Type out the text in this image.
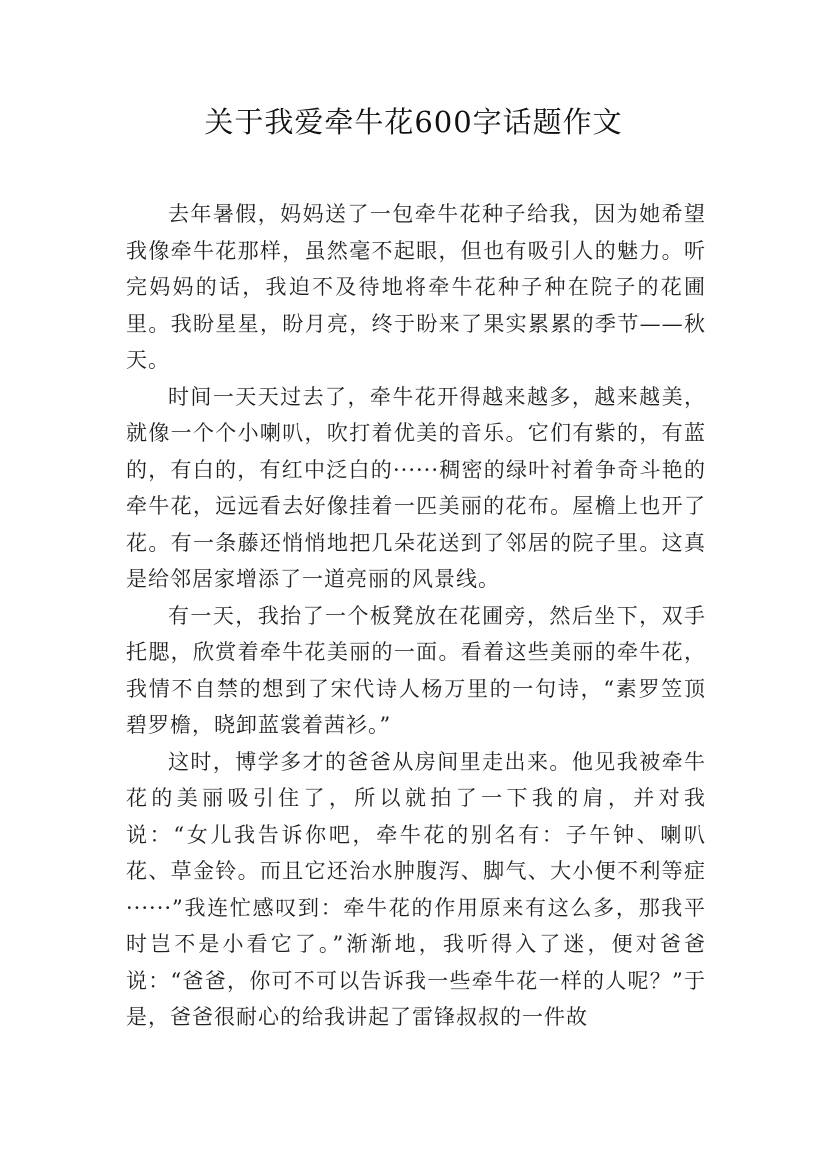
关于我爱牵牛花600字话题作文

去年暑假，妈妈送了一包牵牛花种子给我，因为她希望我像牵牛花那样，虽然毫不起眼，但也有吸引人的魅力。听完妈妈的话，我迫不及待地将牵牛花种子种在院子的花圃里。我盼星星，盼月亮，终于盼来了果实累累的季节——秋天。

时间一天天过去了，牵牛花开得越来越多，越来越美，就像一个个小喇叭，吹打着优美的音乐。它们有紫的，有蓝的，有白的，有红中泛白的······稠密的绿叶衬着争奇斗艳的牵牛花，远远看去好像挂着一匹美丽的花布。屋檐上也开了花。有一条藤还悄悄地把几朵花送到了邻居的院子里。这真是给邻居家增添了一道亮丽的风景线。

有一天，我抬了一个板凳放在花圃旁，然后坐下，双手托腮，欣赏着牵牛花美丽的一面。看着这些美丽的牵牛花，我情不自禁的想到了宋代诗人杨万里的一句诗，“素罗笠顶碧罗檐，晓卸蓝裳着茜衫。”

这时，博学多才的爸爸从房间里走出来。他见我被牵牛花的美丽吸引住了，所以就拍了一下我的肩，并对我说：“女儿我告诉你吧，牵牛花的别名有：子午钟、喇叭花、草金铃。而且它还治水肿腹泻、脚气、大小便不利等症······”我连忙感叹到：牵牛花的作用原来有这么多，那我平时岂不是小看它了。”渐渐地，我听得入了迷，便对爸爸说：“爸爸，你可不可以告诉我一些牵牛花一样的人呢？”于是，爸爸很耐心的给我讲起了雷锋叔叔的一件故
